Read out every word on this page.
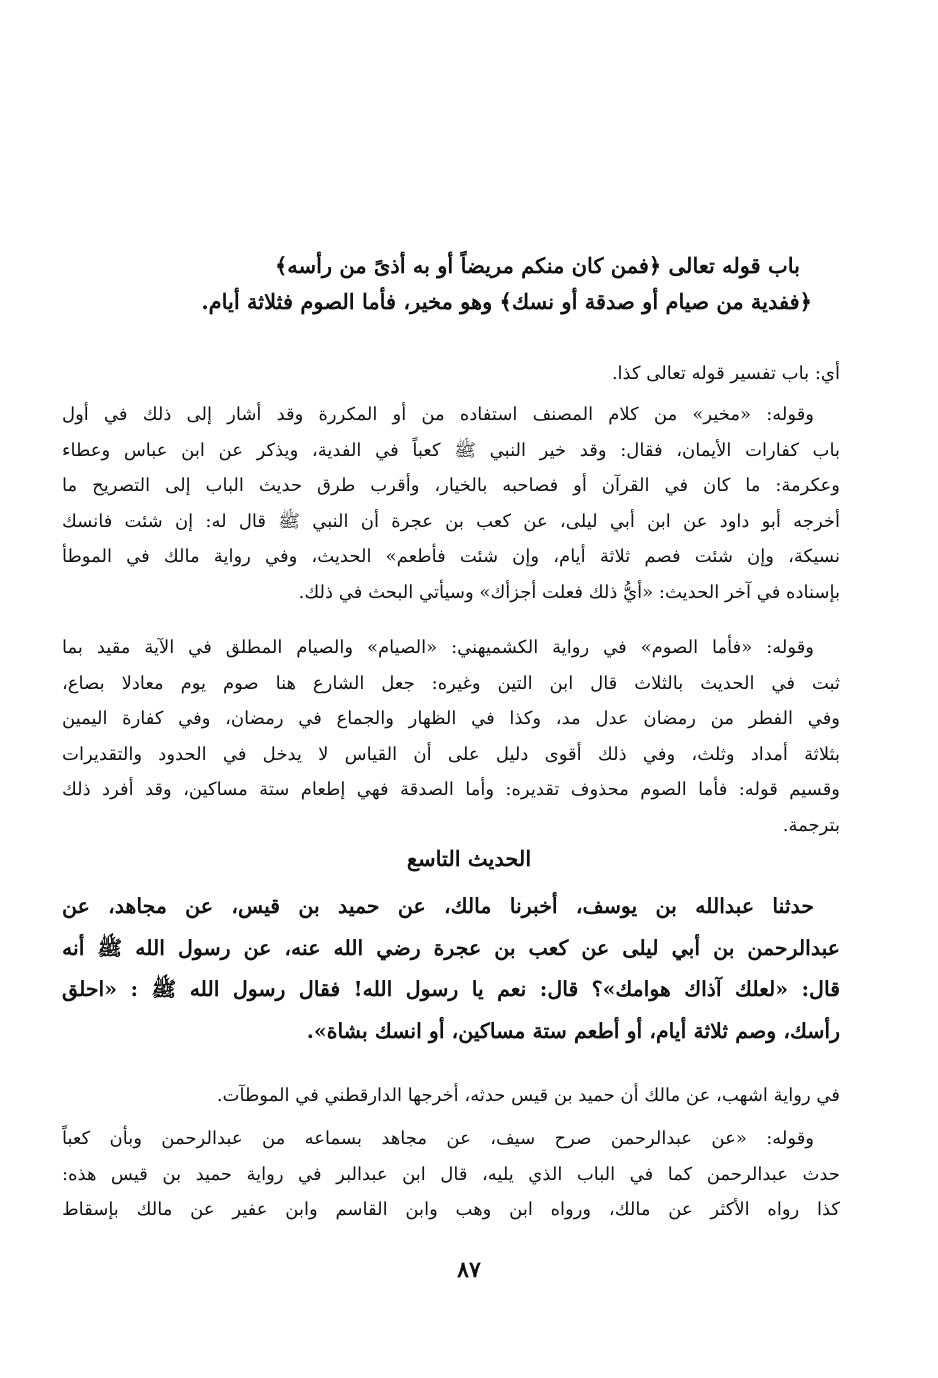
باب قوله تعالى ﴿فمن كان منكم مريضاً أو به أذىً من رأسه﴾
﴿ففدية من صيام أو صدقة أو نسك﴾ وهو مخير، فأما الصوم فثلاثة أيام.
أي: باب تفسير قوله تعالى كذا.
وقوله: «مخير» من كلام المصنف استفاده من أو المكررة وقد أشار إلى ذلك في أول
باب كفارات الأيمان، فقال: وقد خير النبي ﷺ كعباً في الفدية، ويذكر عن ابن عباس وعطاء
وعكرمة: ما كان في القرآن أو فصاحبه بالخيار، وأقرب طرق حديث الباب إلى التصريح ما
أخرجه أبو داود عن ابن أبي ليلى، عن كعب بن عجرة أن النبي ﷺ قال له: إن شئت فانسك
نسيكة، وإن شئت فصم ثلاثة أيام، وإن شئت فأطعم» الحديث، وفي رواية مالك في الموطأ
بإسناده في آخر الحديث: «أيُّ ذلك فعلت أجزأك» وسيأتي البحث في ذلك.
وقوله: «فأما الصوم» في رواية الكشميهني: «الصيام» والصيام المطلق في الآية مقيد بما
ثبت في الحديث بالثلاث قال ابن التين وغيره: جعل الشارع هنا صوم يوم معادلا بصاع،
وفي الفطر من رمضان عدل مد، وكذا في الظهار والجماع في رمضان، وفي كفارة اليمين
بثلاثة أمداد وثلث، وفي ذلك أقوى دليل على أن القياس لا يدخل في الحدود والتقديرات
وقسيم قوله: فأما الصوم محذوف تقديره: وأما الصدقة فهي إطعام ستة مساكين، وقد أفرد ذلك
بترجمة.
الحديث التاسع
حدثنا عبدالله بن يوسف، أخبرنا مالك، عن حميد بن قيس، عن مجاهد، عن
عبدالرحمن بن أبي ليلى عن كعب بن عجرة رضي الله عنه، عن رسول الله ﷺ أنه
قال: «لعلك آذاك هوامك»؟ قال: نعم يا رسول الله! فقال رسول الله ﷺ : «احلق
رأسك، وصم ثلاثة أيام، أو أطعم ستة مساكين، أو انسك بشاة».
في رواية اشهب، عن مالك أن حميد بن قيس حدثه، أخرجها الدارقطني في الموطآت.
وقوله: «عن عبدالرحمن صرح سيف، عن مجاهد بسماعه من عبدالرحمن وبأن كعباً
حدث عبدالرحمن كما في الباب الذي يليه، قال ابن عبدالبر في رواية حميد بن قيس هذه:
كذا رواه الأكثر عن مالك، ورواه ابن وهب وابن القاسم وابن عفير عن مالك بإسقاط
٨٧
